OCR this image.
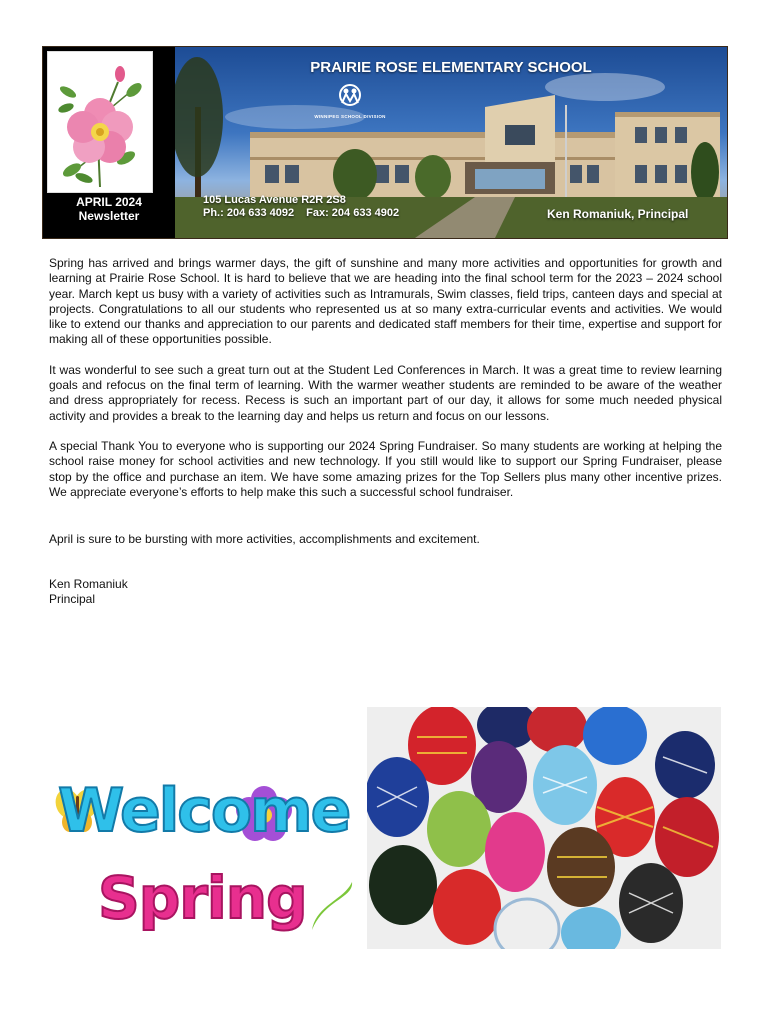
APRIL 2024
Newsletter
PRAIRIE ROSE ELEMENTARY SCHOOL
WINNIPEG SCHOOL DIVISION
105 Lucas Avenue R2R 2S8
Ph.: 204 633 4092 Fax: 204 633 4902	Ken Romaniuk, Principal

Spring has arrived and brings warmer days, the gift of sunshine and many more activities and opportunities for growth and learning at Prairie Rose School. It is hard to believe that we are heading into the final school term for the 2023 – 2024 school year. March kept us busy with a variety of activities such as Intramurals, Swim classes, field trips, canteen days and special at projects. Congratulations to all our students who represented us at so many extra-curricular events and activities. We would like to extend our thanks and appreciation to our parents and dedicated staff members for their time, expertise and support for making all of these opportunities possible.

It was wonderful to see such a great turn out at the Student Led Conferences in March. It was a great time to review learning goals and refocus on the final term of learning. With the warmer weather students are reminded to be aware of the weather and dress appropriately for recess. Recess is such an important part of our day, it allows for some much needed physical activity and provides a break to the learning day and helps us return and focus on our lessons.

A special Thank You to everyone who is supporting our 2024 Spring Fundraiser. So many students are working at helping the school raise money for school activities and new technology. If you still would like to support our Spring Fundraiser, please stop by the office and purchase an item. We have some amazing prizes for the Top Sellers plus many other incentive prizes. We appreciate everyone’s efforts to help make this such a successful school fundraiser.

April is sure to be bursting with more activities, accomplishments and excitement.

Ken Romaniuk
Principal
Welcome
Spring
